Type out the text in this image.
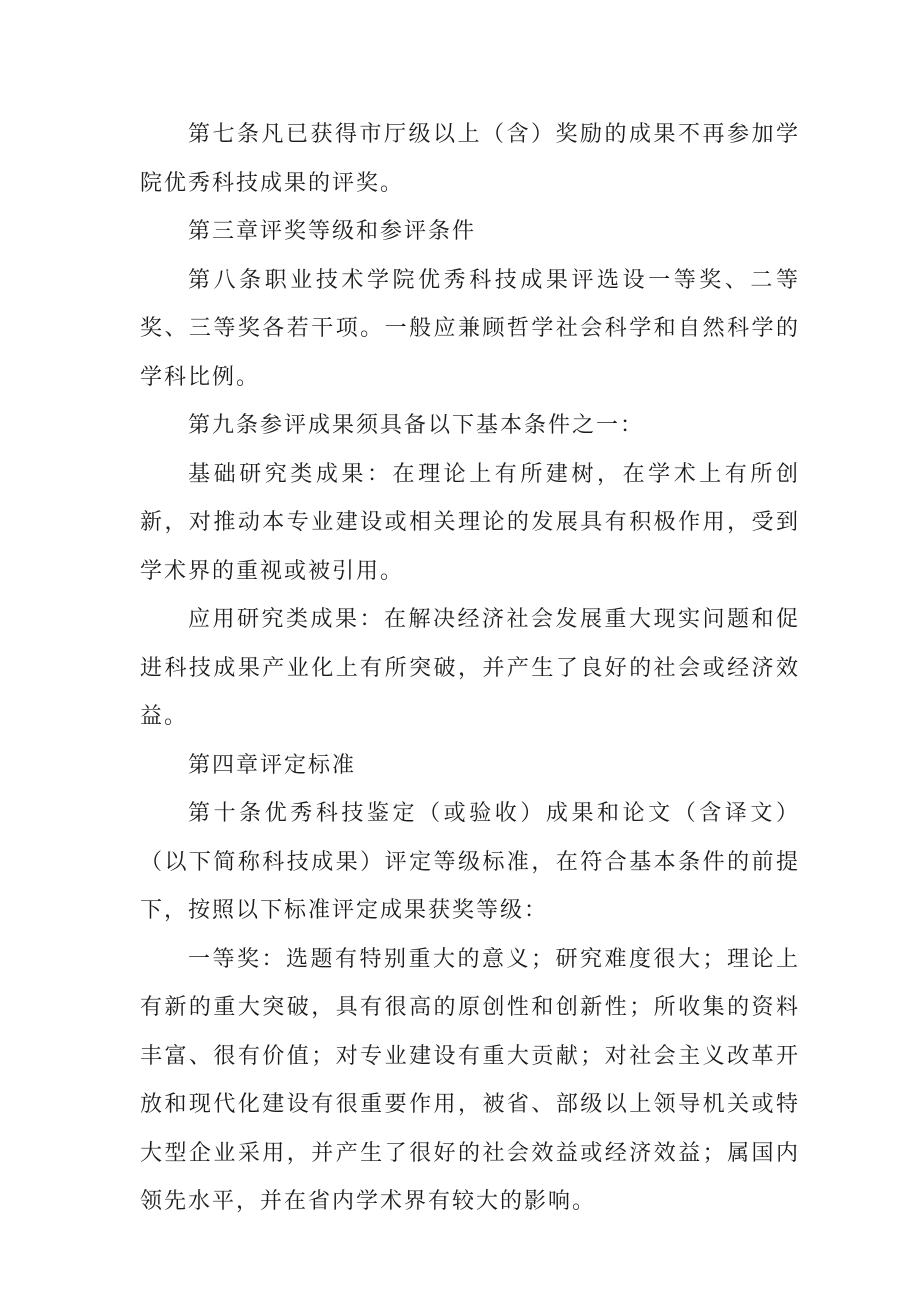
第七条凡已获得市厅级以上（含）奖励的成果不再参加学院优秀科技成果的评奖。

第三章评奖等级和参评条件

第八条职业技术学院优秀科技成果评选设一等奖、二等奖、三等奖各若干项。一般应兼顾哲学社会科学和自然科学的学科比例。

第九条参评成果须具备以下基本条件之一：

基础研究类成果：在理论上有所建树，在学术上有所创新，对推动本专业建设或相关理论的发展具有积极作用，受到学术界的重视或被引用。

应用研究类成果：在解决经济社会发展重大现实问题和促进科技成果产业化上有所突破，并产生了良好的社会或经济效益。

第四章评定标准

第十条优秀科技鉴定（或验收）成果和论文（含译文）（以下简称科技成果）评定等级标准，在符合基本条件的前提下，按照以下标准评定成果获奖等级：

一等奖：选题有特别重大的意义；研究难度很大；理论上有新的重大突破，具有很高的原创性和创新性；所收集的资料丰富、很有价值；对专业建设有重大贡献；对社会主义改革开放和现代化建设有很重要作用，被省、部级以上领导机关或特大型企业采用，并产生了很好的社会效益或经济效益；属国内领先水平，并在省内学术界有较大的影响。
